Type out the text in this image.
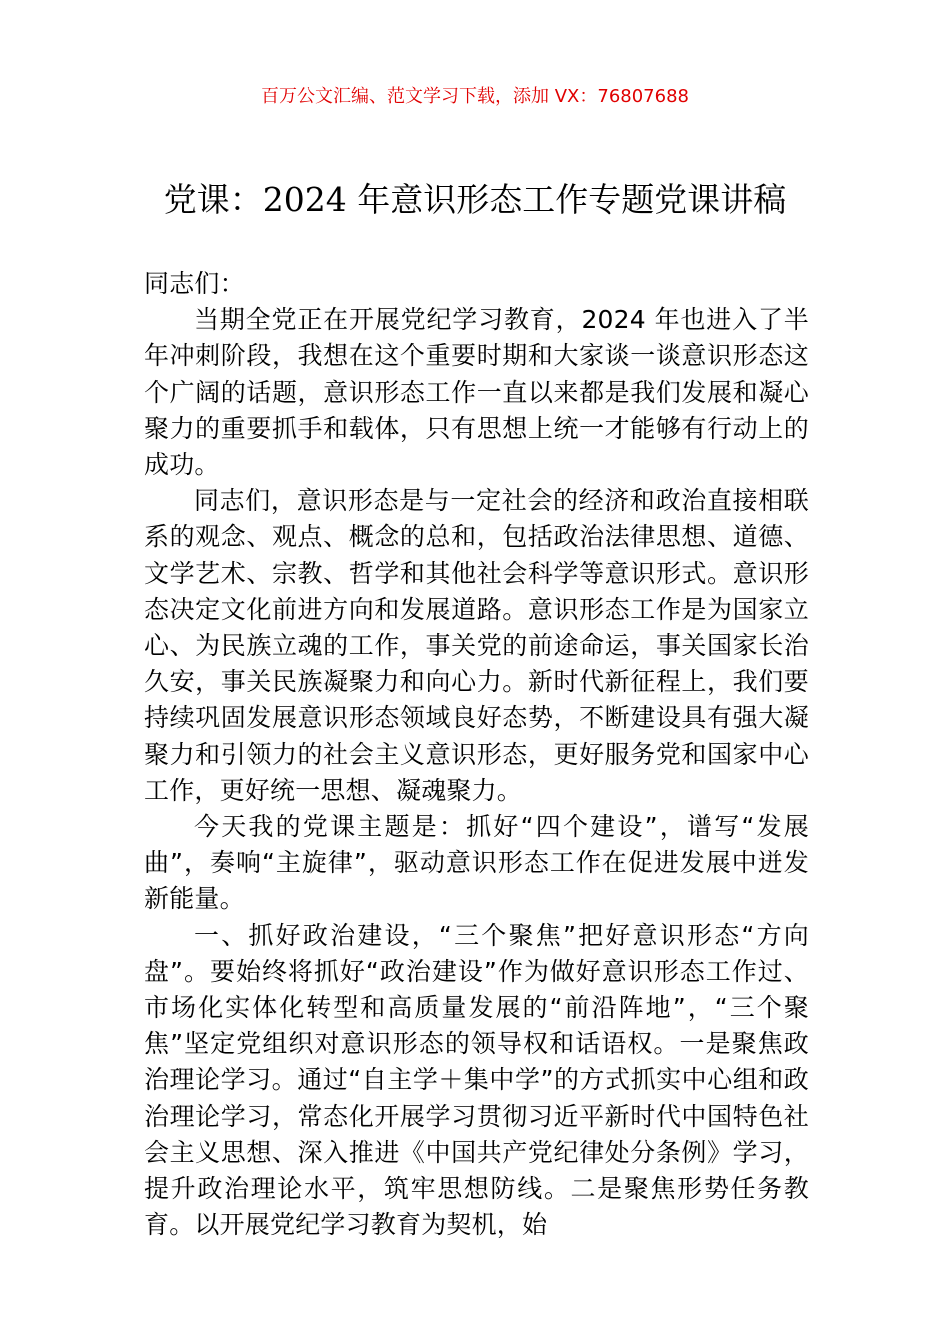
百万公文汇编、范文学习下载，添加 VX：76807688
党课：2024 年意识形态工作专题党课讲稿

同志们：

当期全党正在开展党纪学习教育，2024 年也进入了半年冲刺阶段，我想在这个重要时期和大家谈一谈意识形态这个广阔的话题，意识形态工作一直以来都是我们发展和凝心聚力的重要抓手和载体，只有思想上统一才能够有行动上的成功。

同志们，意识形态是与一定社会的经济和政治直接相联系的观念、观点、概念的总和，包括政治法律思想、道德、文学艺术、宗教、哲学和其他社会科学等意识形式。意识形态决定文化前进方向和发展道路。意识形态工作是为国家立心、为民族立魂的工作，事关党的前途命运，事关国家长治久安，事关民族凝聚力和向心力。新时代新征程上，我们要持续巩固发展意识形态领域良好态势，不断建设具有强大凝聚力和引领力的社会主义意识形态，更好服务党和国家中心工作，更好统一思想、凝魂聚力。

今天我的党课主题是：抓好“四个建设”，谱写“发展曲”，奏响“主旋律”，驱动意识形态工作在促进发展中迸发新能量。

一、抓好政治建设，“三个聚焦”把好意识形态“方向盘”。要始终将抓好“政治建设”作为做好意识形态工作过、市场化实体化转型和高质量发展的“前沿阵地”，“三个聚焦”坚定党组织对意识形态的领导权和话语权。一是聚焦政治理论学习。通过“自主学＋集中学”的方式抓实中心组和政治理论学习，常态化开展学习贯彻习近平新时代中国特色社会主义思想、深入推进《中国共产党纪律处分条例》学习，提升政治理论水平，筑牢思想防线。二是聚焦形势任务教育。以开展党纪学习教育为契机，始
